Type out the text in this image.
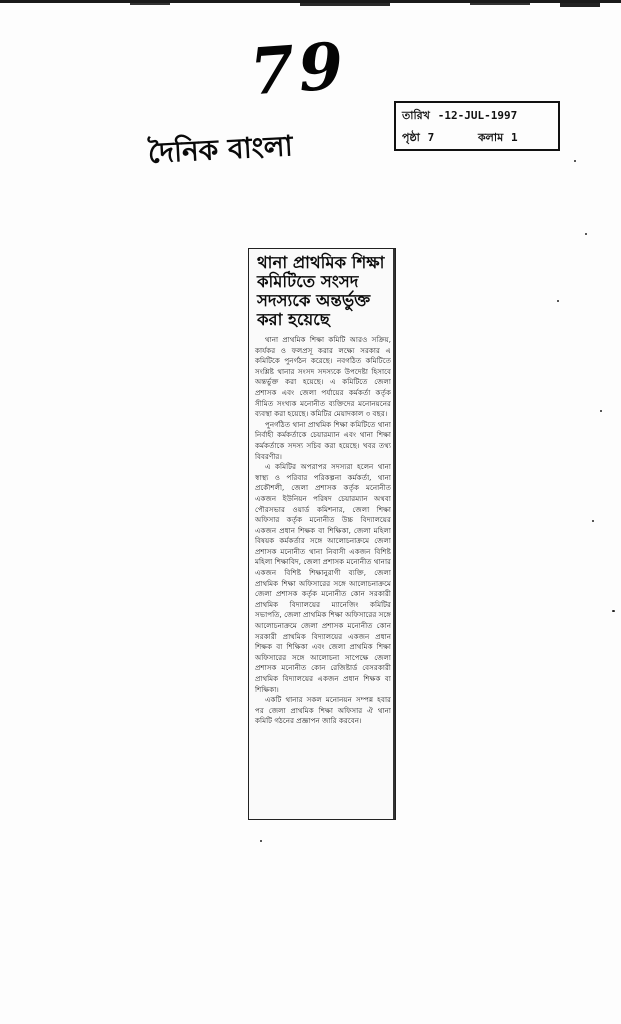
79
দৈনিক বাংলা
তারিখ -12-JUL-1997
পৃষ্ঠা 7	কলাম 1
থানা প্রাথমিক শিক্ষা
কমিটিতে সংসদ
সদস্যকে অন্তর্ভুক্ত
করা হয়েছে

থানা প্রাথমিক শিক্ষা কমিটি আরও সক্রিয়, কার্যকর ও ফলপ্রসূ করার লক্ষ্যে সরকার এ কমিটিকে পুনর্গঠন করেছে। নবগঠিত কমিটিতে সংশ্লিষ্ট থানার সংসদ সদস্যকে উপদেষ্টা হিসাবে অন্তর্ভুক্ত করা হয়েছে। এ কমিটিতে জেলা প্রশাসক এবং জেলা পর্যায়ের কর্মকর্তা কর্তৃক সীমিত সংখ্যক মনোনীত ব্যক্তিদের মনোনয়নের ব্যবস্থা করা হয়েছে। কমিটির মেয়াদকাল ৩ বছর।

পুনর্গঠিত থানা প্রাথমিক শিক্ষা কমিটিতে থানা নির্বাহী কর্মকর্তাকে চেয়ারম্যান এবং থানা শিক্ষা কর্মকর্তাকে সদস্য সচিব করা হয়েছে। খবর তথ্য বিবরণীর।

এ কমিটির অপরাপর সদস্যরা হলেন থানা স্বাস্থ্য ও পরিবার পরিকল্পনা কর্মকর্তা, থানা প্রকৌশলী, জেলা প্রশাসক কর্তৃক মনোনীত একজন ইউনিয়ন পরিষদ চেয়ারম্যান অথবা পৌরসভার ওয়ার্ড কমিশনার, জেলা শিক্ষা অফিসার কর্তৃক মনোনীত উচ্চ বিদ্যালয়ের একজন প্রধান শিক্ষক বা শিক্ষিকা, জেলা মহিলা বিষয়ক কর্মকর্তার সঙ্গে আলোচনাক্রমে জেলা প্রশাসক মনোনীত থানা নিবাসী একজন বিশিষ্ট মহিলা শিক্ষাবিদ, জেলা প্রশাসক মনোনীত থানার একজন বিশিষ্ট শিক্ষানুরাগী ব্যক্তি, জেলা প্রাথমিক শিক্ষা অফিসারের সঙ্গে আলোচনাক্রমে জেলা প্রশাসক কর্তৃক মনোনীত কোন সরকারী প্রাথমিক বিদ্যালয়ের ম্যানেজিং কমিটির সভাপতি, জেলা প্রাথমিক শিক্ষা অফিসারের সঙ্গে আলোচনাক্রমে জেলা প্রশাসক মনোনীত কোন সরকারী প্রাথমিক বিদ্যালয়ের একজন প্রধান শিক্ষক বা শিক্ষিকা এবং জেলা প্রাথমিক শিক্ষা অফিসারের সঙ্গে আলোচনা সাপেক্ষে জেলা প্রশাসক মনোনীত কোন রেজিষ্টার্ড বেসরকারী প্রাথমিক বিদ্যালয়ের একজন প্রধান শিক্ষক বা শিক্ষিকা।

একটি থানার সকল মনোনয়ন সম্পন্ন হবার পর জেলা প্রাথমিক শিক্ষা অফিসার ঐ থানা কমিটি গঠনের প্রজ্ঞাপন জারি করবেন।
